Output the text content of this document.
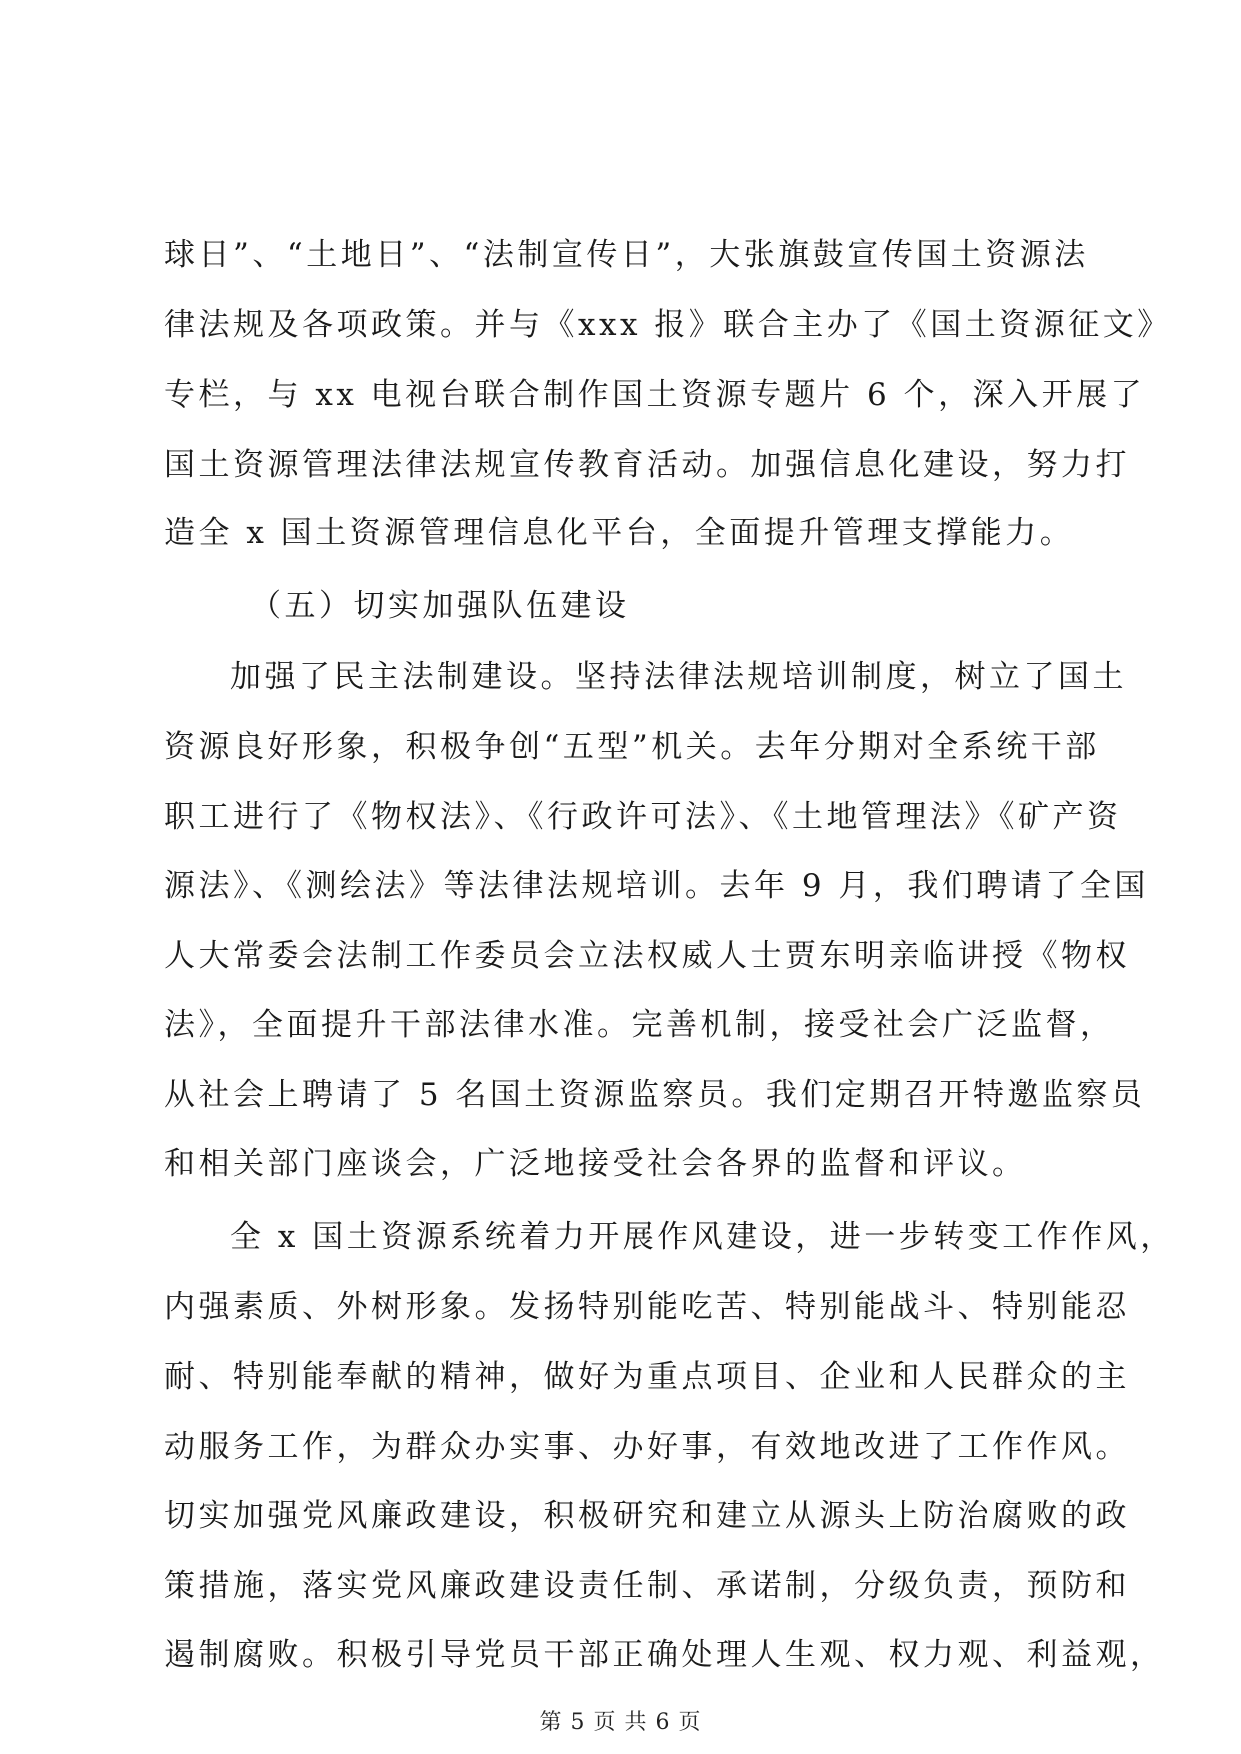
球日”、“土地日”、“法制宣传日”，大张旗鼓宣传国土资源法
律法规及各项政策。并与《xxx 报》联合主办了《国土资源征文》
专栏，与 xx 电视台联合制作国土资源专题片 6 个，深入开展了
国土资源管理法律法规宣传教育活动。加强信息化建设，努力打
造全 x 国土资源管理信息化平台，全面提升管理支撑能力。
（五）切实加强队伍建设
加强了民主法制建设。坚持法律法规培训制度，树立了国土
资源良好形象，积极争创“五型”机关。去年分期对全系统干部
职工进行了《物权法》、《行政许可法》、《土地管理法》《矿产资
源法》、《测绘法》等法律法规培训。去年 9 月，我们聘请了全国
人大常委会法制工作委员会立法权威人士贾东明亲临讲授《物权
法》，全面提升干部法律水准。完善机制，接受社会广泛监督，
从社会上聘请了 5 名国土资源监察员。我们定期召开特邀监察员
和相关部门座谈会，广泛地接受社会各界的监督和评议。
全 x 国土资源系统着力开展作风建设，进一步转变工作作风，
内强素质、外树形象。发扬特别能吃苦、特别能战斗、特别能忍
耐、特别能奉献的精神，做好为重点项目、企业和人民群众的主
动服务工作，为群众办实事、办好事，有效地改进了工作作风。
切实加强党风廉政建设，积极研究和建立从源头上防治腐败的政
策措施，落实党风廉政建设责任制、承诺制，分级负责，预防和
遏制腐败。积极引导党员干部正确处理人生观、权力观、利益观，
第 5 页 共 6 页
